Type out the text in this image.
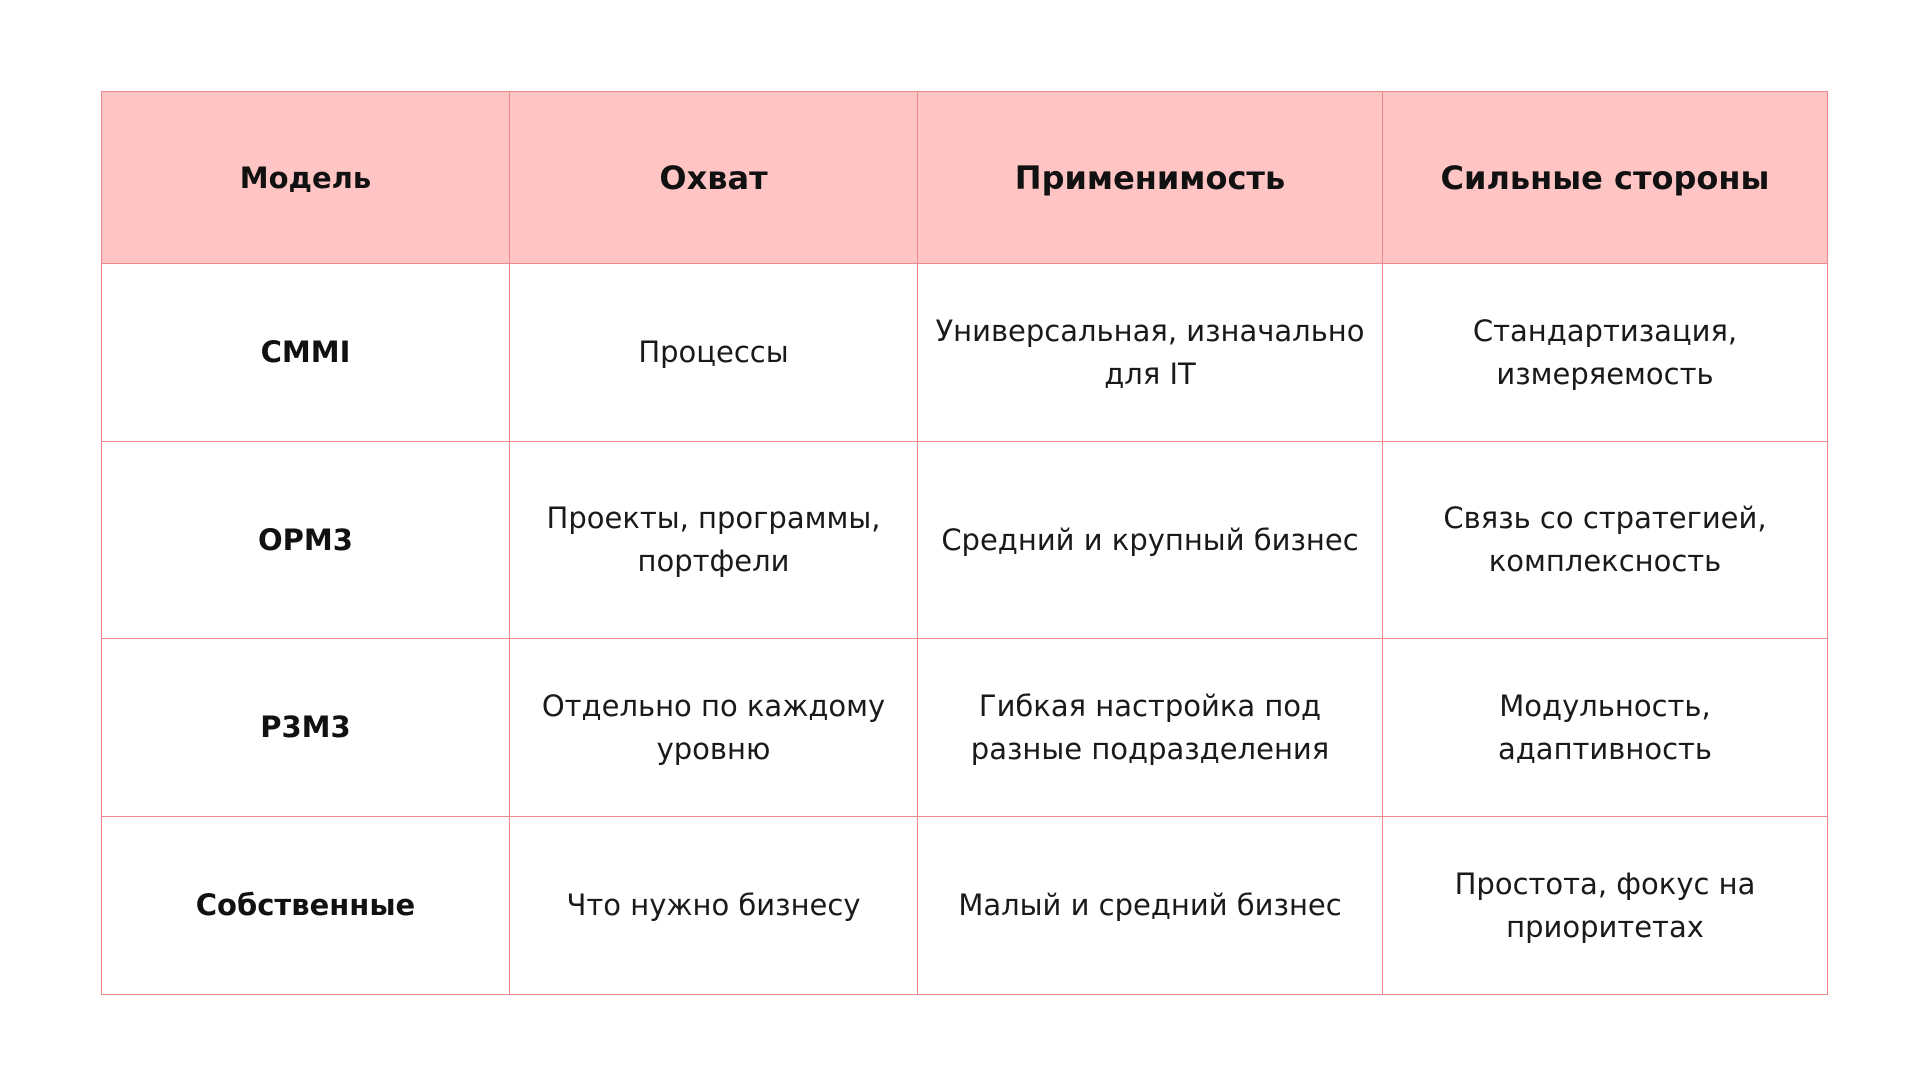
Модель	Охват	Применимость	Сильные стороны
CMMI	Процессы	Универсальная, изначально для IT	Стандартизация, измеряемость
OPM3	Проекты, программы, портфели	Средний и крупный бизнес	Связь со стратегией, комплексность
P3M3	Отдельно по каждому уровню	Гибкая настройка под разные подразделения	Модульность, адаптивность
Собственные	Что нужно бизнесу	Малый и средний бизнес	Простота, фокус на приоритетах
